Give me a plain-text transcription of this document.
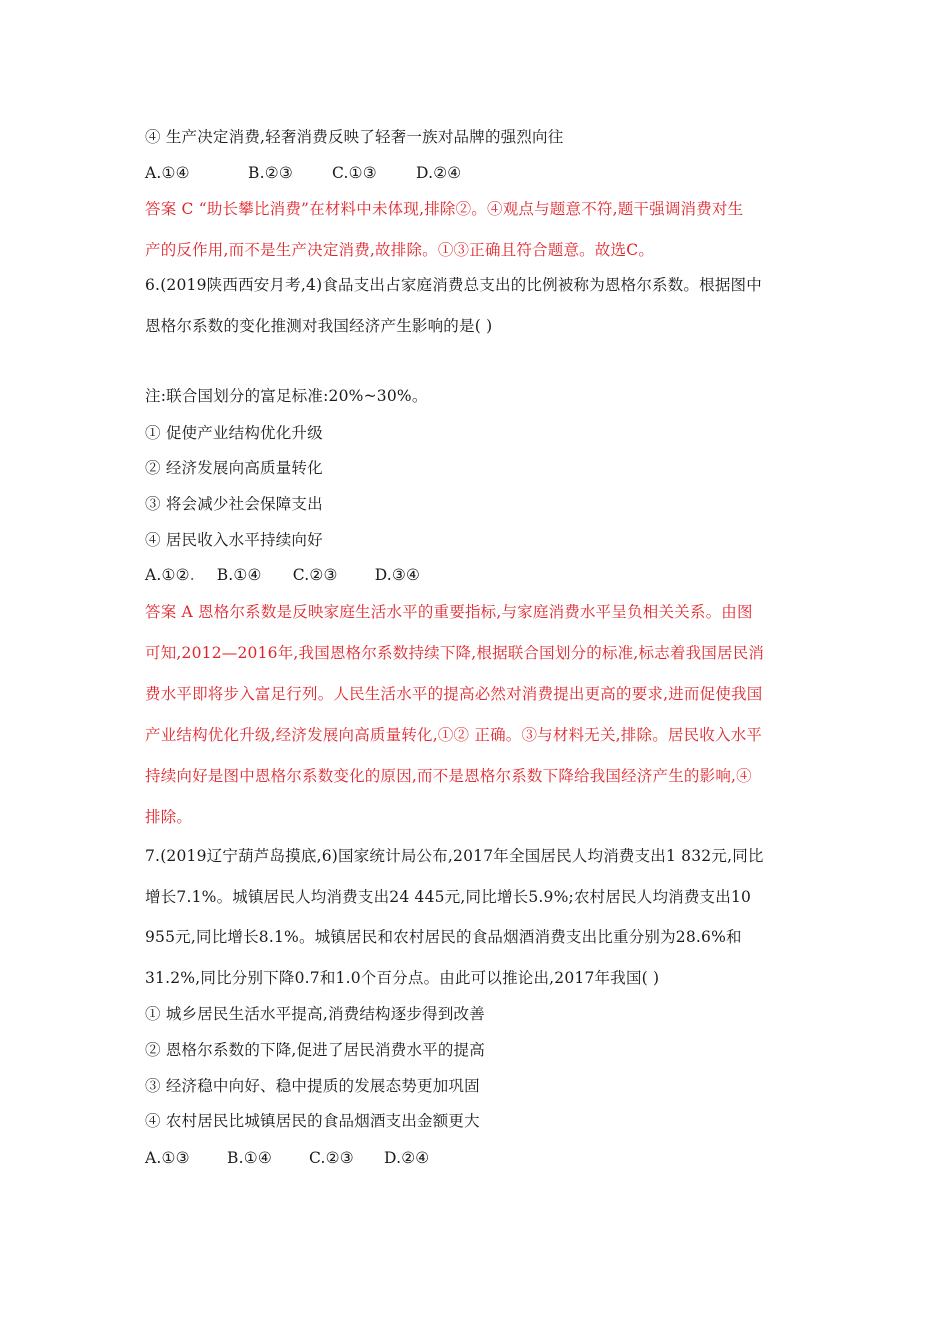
④ 生产决定消费,轻奢消费反映了轻奢一族对品牌的强烈向往
A.①④	B.②③	C.①③	D.②④
答案 C “助长攀比消费”在材料中未体现,排除②。④观点与题意不符,题干强调消费对生
产的反作用,而不是生产决定消费,故排除。①③正确且符合题意。故选C。
6.(2019陕西西安月考,4)食品支出占家庭消费总支出的比例被称为恩格尔系数。根据图中
恩格尔系数的变化推测对我国经济产生影响的是( )
注:联合国划分的富足标准:20%~30%。
① 促使产业结构优化升级
② 经济发展向高质量转化
③ 将会减少社会保障支出
④ 居民收入水平持续向好
A.①②. B.①④ C.②③ D.③④
答案 A 恩格尔系数是反映家庭生活水平的重要指标,与家庭消费水平呈负相关关系。由图
可知,2012—2016年,我国恩格尔系数持续下降,根据联合国划分的标准,标志着我国居民消
费水平即将步入富足行列。人民生活水平的提高必然对消费提出更高的要求,进而促使我国
产业结构优化升级,经济发展向高质量转化,①② 正确。③与材料无关,排除。居民收入水平
持续向好是图中恩格尔系数变化的原因,而不是恩格尔系数下降给我国经济产生的影响,④
排除。
7.(2019辽宁葫芦岛摸底,6)国家统计局公布,2017年全国居民人均消费支出1 832元,同比
增长7.1%。城镇居民人均消费支出24 445元,同比增长5.9%;农村居民人均消费支出10
955元,同比增长8.1%。城镇居民和农村居民的食品烟酒消费支出比重分别为28.6%和
31.2%,同比分别下降0.7和1.0个百分点。由此可以推论出,2017年我国( )
① 城乡居民生活水平提高,消费结构逐步得到改善
② 恩格尔系数的下降,促进了居民消费水平的提高
③ 经济稳中向好、稳中提质的发展态势更加巩固
④ 农村居民比城镇居民的食品烟酒支出金额更大
A.①③ B.①④ C.②③ D.②④
